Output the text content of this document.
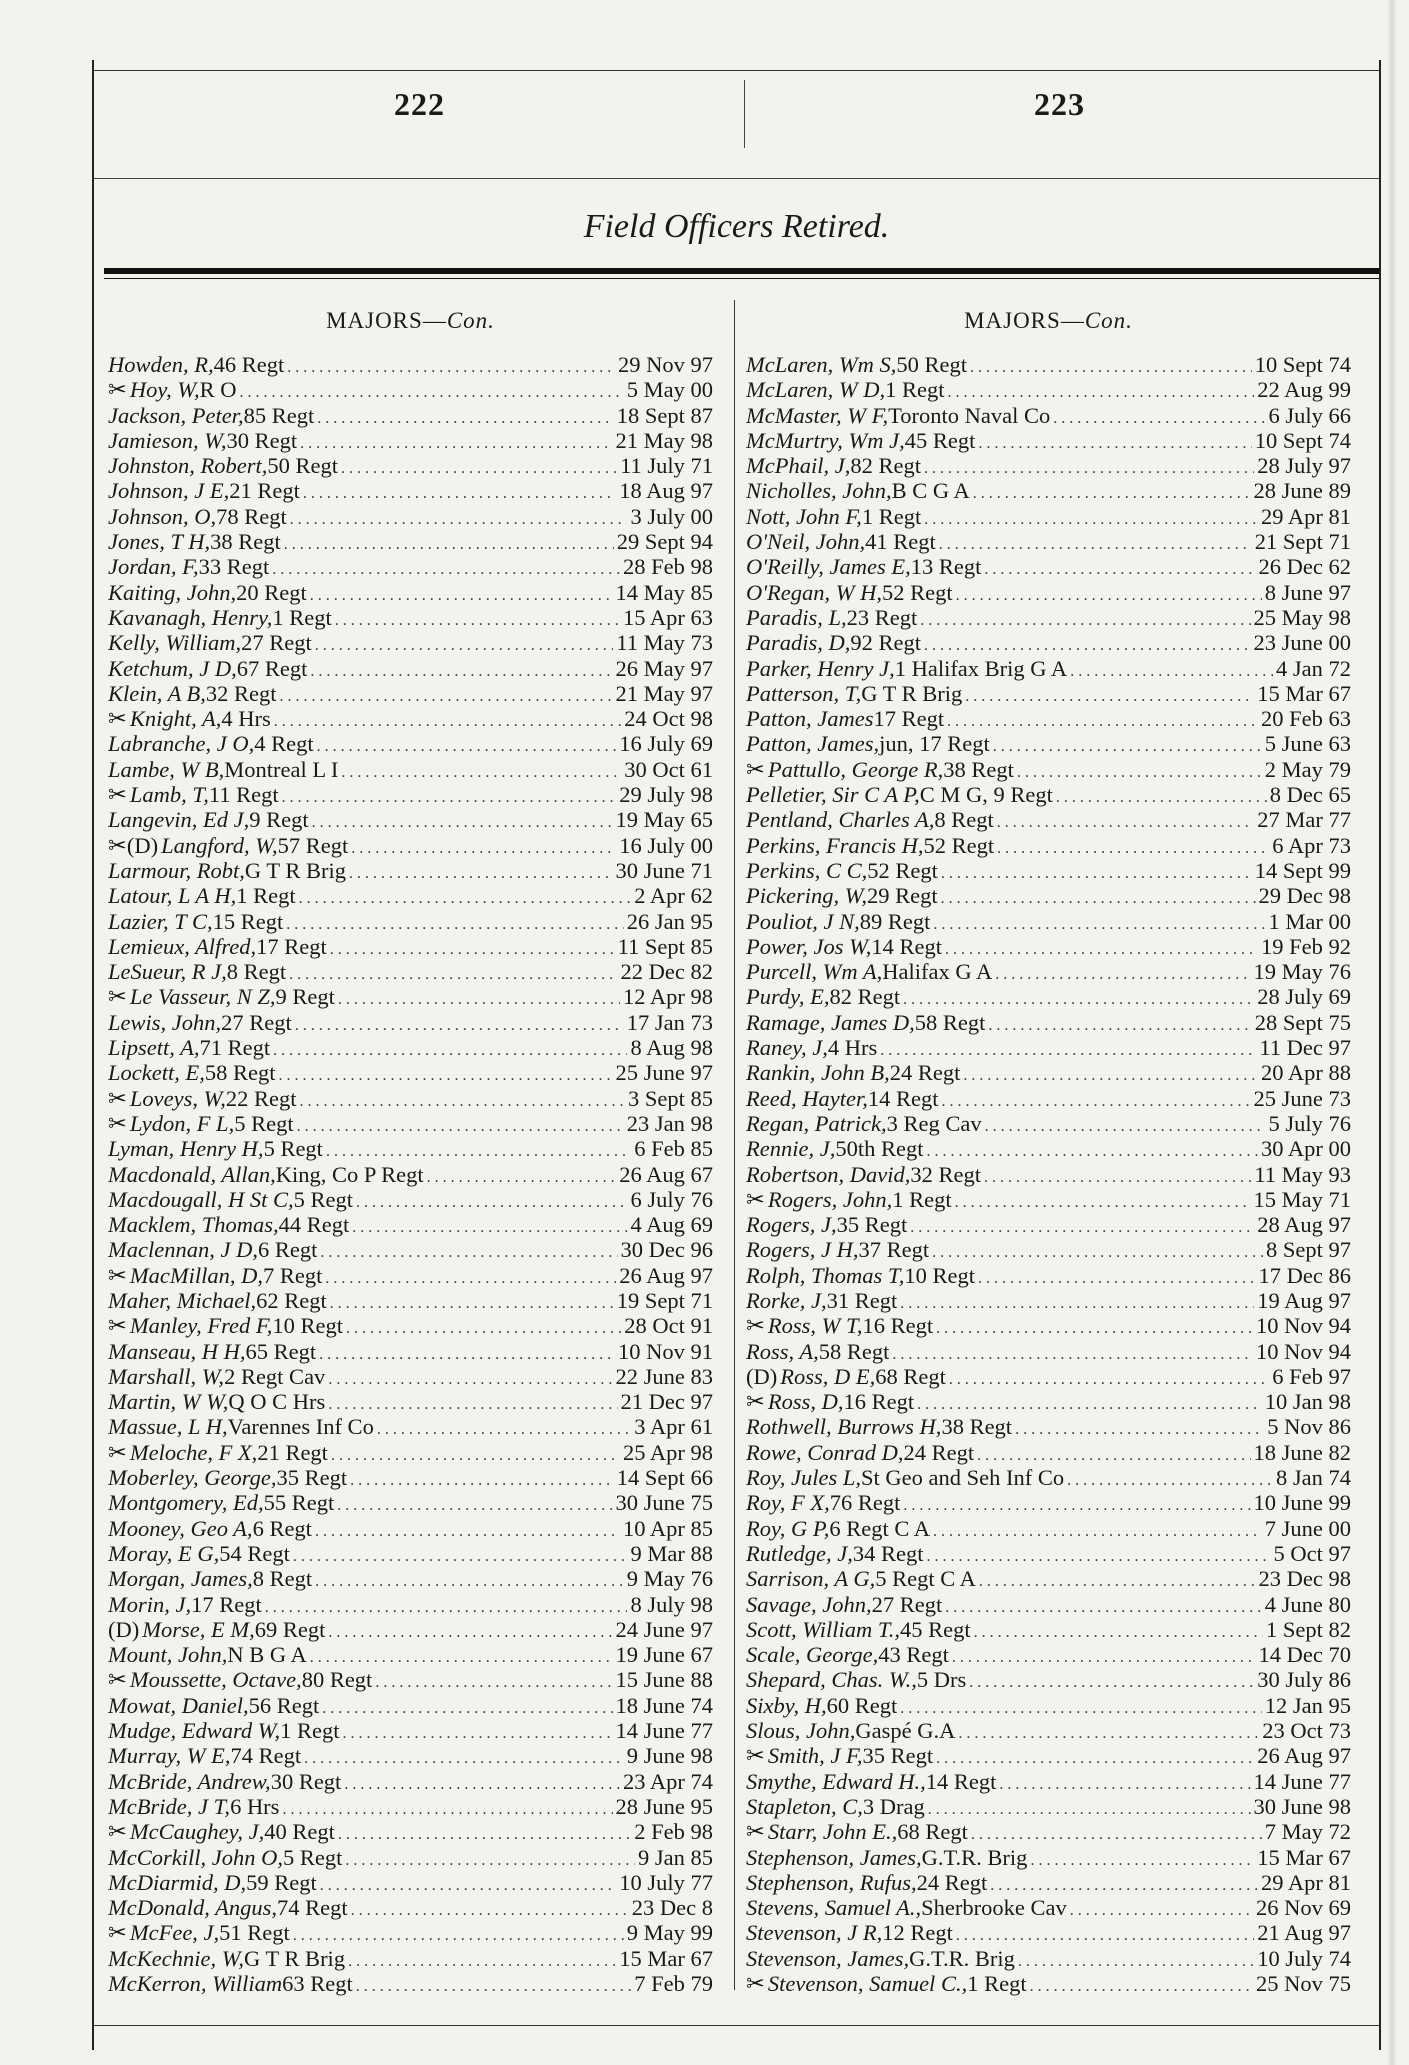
222	223
Field Officers Retired.
MAJORS—Con.
Howden, R, 46 Regt . . .	29 Nov 97
✂ Hoy, W, R O . . .	5 May 00
Jackson, Peter, 85 Regt . . .	18 Sept 87
Jamieson, W, 30 Regt . . .	21 May 98
Johnston, Robert, 50 Regt . . .	11 July 71
Johnson, J E, 21 Regt . . .	18 Aug 97
Johnson, O, 78 Regt . . .	3 July 00
Jones, T H, 38 Regt . . .	29 Sept 94
Jordan, F, 33 Regt . . .	28 Feb 98
Kaiting, John, 20 Regt . . .	14 May 85
Kavanagh, Henry, 1 Regt . . .	15 Apr 63
Kelly, William, 27 Regt . . .	11 May 73
Ketchum, J D, 67 Regt . . .	26 May 97
Klein, A B, 32 Regt . . .	21 May 97
✂ Knight, A, 4 Hrs . . .	24 Oct 98
Labranche, J O, 4 Regt . . .	16 July 69
Lambe, W B, Montreal L I . . .	30 Oct 61
✂ Lamb, T, 11 Regt . . .	29 July 98
Langevin, Ed J, 9 Regt . . .	19 May 65
✂(D) Langford, W, 57 Regt . . .	16 July 00
Larmour, Robt, G T R Brig . . .	30 June 71
Latour, L A H, 1 Regt . . .	2 Apr 62
Lazier, T C, 15 Regt . . .	26 Jan 95
Lemieux, Alfred, 17 Regt . . .	11 Sept 85
LeSueur, R J, 8 Regt . . .	22 Dec 82
✂ Le Vasseur, N Z, 9 Regt . . .	12 Apr 98
Lewis, John, 27 Regt . . .	17 Jan 73
Lipsett, A, 71 Regt . . .	8 Aug 98
Lockett, E, 58 Regt . . .	25 June 97
✂ Loveys, W, 22 Regt . . .	3 Sept 85
✂ Lydon, F L, 5 Regt . . .	23 Jan 98
Lyman, Henry H, 5 Regt . . .	6 Feb 85
Macdonald, Allan, King, Co P Regt . . .	26 Aug 67
Macdougall, H St C, 5 Regt . . .	6 July 76
Macklem, Thomas, 44 Regt . . .	4 Aug 69
Maclennan, J D, 6 Regt . . .	30 Dec 96
✂ MacMillan, D, 7 Regt . . .	26 Aug 97
Maher, Michael, 62 Regt . . .	19 Sept 71
✂ Manley, Fred F, 10 Regt . . .	28 Oct 91
Manseau, H H, 65 Regt . . .	10 Nov 91
Marshall, W, 2 Regt Cav . . .	22 June 83
Martin, W W, Q O C Hrs . . .	21 Dec 97
Massue, L H, Varennes Inf Co . . .	3 Apr 61
✂ Meloche, F X, 21 Regt . . .	25 Apr 98
Moberley, George, 35 Regt . . .	14 Sept 66
Montgomery, Ed, 55 Regt . . .	30 June 75
Mooney, Geo A, 6 Regt . . .	10 Apr 85
Moray, E G, 54 Regt . . .	9 Mar 88
Morgan, James, 8 Regt . . .	9 May 76
Morin, J, 17 Regt . . .	8 July 98
(D) Morse, E M, 69 Regt . . .	24 June 97
Mount, John, N B G A . . .	19 June 67
✂ Moussette, Octave, 80 Regt . . .	15 June 88
Mowat, Daniel, 56 Regt . . .	18 June 74
Mudge, Edward W, 1 Regt . . .	14 June 77
Murray, W E, 74 Regt . . .	9 June 98
McBride, Andrew, 30 Regt . . .	23 Apr 74
McBride, J T, 6 Hrs . . .	28 June 95
✂ McCaughey, J, 40 Regt . . .	2 Feb 98
McCorkill, John O, 5 Regt . . .	9 Jan 85
McDiarmid, D, 59 Regt . . .	10 July 77
McDonald, Angus, 74 Regt . . .	23 Dec 8
✂ McFee, J, 51 Regt . . .	9 May 99
McKechnie, W, G T R Brig . . .	15 Mar 67
McKerron, William 63 Regt . . .	7 Feb 79
MAJORS—Con.
McLaren, Wm S, 50 Regt . . .	10 Sept 74
McLaren, W D, 1 Regt . . .	22 Aug 99
McMaster, W F, Toronto Naval Co . . .	6 July 66
McMurtry, Wm J, 45 Regt . . .	10 Sept 74
McPhail, J, 82 Regt . . .	28 July 97
Nicholles, John, B C G A . . .	28 June 89
Nott, John F, 1 Regt . . .	29 Apr 81
O'Neil, John, 41 Regt . . .	21 Sept 71
O'Reilly, James E, 13 Regt . . .	26 Dec 62
O'Regan, W H, 52 Regt . . .	8 June 97
Paradis, L, 23 Regt . . .	25 May 98
Paradis, D, 92 Regt . . .	23 June 00
Parker, Henry J, 1 Halifax Brig G A . . .	4 Jan 72
Patterson, T, G T R Brig . . .	15 Mar 67
Patton, James 17 Regt . . .	20 Feb 63
Patton, James, jun, 17 Regt . . .	5 June 63
✂ Pattullo, George R, 38 Regt . . .	2 May 79
Pelletier, Sir C A P, C M G, 9 Regt . . .	8 Dec 65
Pentland, Charles A, 8 Regt . . .	27 Mar 77
Perkins, Francis H, 52 Regt . . .	6 Apr 73
Perkins, C C, 52 Regt . . .	14 Sept 99
Pickering, W, 29 Regt . . .	29 Dec 98
Pouliot, J N, 89 Regt . . .	1 Mar 00
Power, Jos W, 14 Regt . . .	19 Feb 92
Purcell, Wm A, Halifax G A . . .	19 May 76
Purdy, E, 82 Regt . . .	28 July 69
Ramage, James D, 58 Regt . . .	28 Sept 75
Raney, J, 4 Hrs . . .	11 Dec 97
Rankin, John B, 24 Regt . . .	20 Apr 88
Reed, Hayter, 14 Regt . . .	25 June 73
Regan, Patrick, 3 Reg Cav . . .	5 July 76
Rennie, J, 50th Regt . . .	30 Apr 00
Robertson, David, 32 Regt . . .	11 May 93
✂ Rogers, John, 1 Regt . . .	15 May 71
Rogers, J, 35 Regt . . .	28 Aug 97
Rogers, J H, 37 Regt . . .	8 Sept 97
Rolph, Thomas T, 10 Regt . . .	17 Dec 86
Rorke, J, 31 Regt . . .	19 Aug 97
✂ Ross, W T, 16 Regt . . .	10 Nov 94
Ross, A, 58 Regt . . .	10 Nov 94
(D) Ross, D E, 68 Regt . . .	6 Feb 97
✂ Ross, D, 16 Regt . . .	10 Jan 98
Rothwell, Burrows H, 38 Regt . . .	5 Nov 86
Rowe, Conrad D, 24 Regt . . .	18 June 82
Roy, Jules L, St Geo and Seh Inf Co . . .	8 Jan 74
Roy, F X, 76 Regt . . .	10 June 99
Roy, G P, 6 Regt C A . . .	7 June 00
Rutledge, J, 34 Regt . . .	5 Oct 97
Sarrison, A G, 5 Regt C A . . .	23 Dec 98
Savage, John, 27 Regt . . .	4 June 80
Scott, William T., 45 Regt . . .	1 Sept 82
Scale, George, 43 Regt . . .	14 Dec 70
Shepard, Chas. W., 5 Drs . . .	30 July 86
Sixby, H, 60 Regt . . .	12 Jan 95
Slous, John, Gaspé G.A . . .	23 Oct 73
✂ Smith, J F, 35 Regt . . .	26 Aug 97
Smythe, Edward H., 14 Regt . . .	14 June 77
Stapleton, C, 3 Drag . . .	30 June 98
✂ Starr, John E., 68 Regt . . .	7 May 72
Stephenson, James, G.T.R. Brig . . .	15 Mar 67
Stephenson, Rufus, 24 Regt . . .	29 Apr 81
Stevens, Samuel A., Sherbrooke Cav . . .	26 Nov 69
Stevenson, J R, 12 Regt . . .	21 Aug 97
Stevenson, James, G.T.R. Brig . . .	10 July 74
✂ Stevenson, Samuel C., 1 Regt . . .	25 Nov 75
